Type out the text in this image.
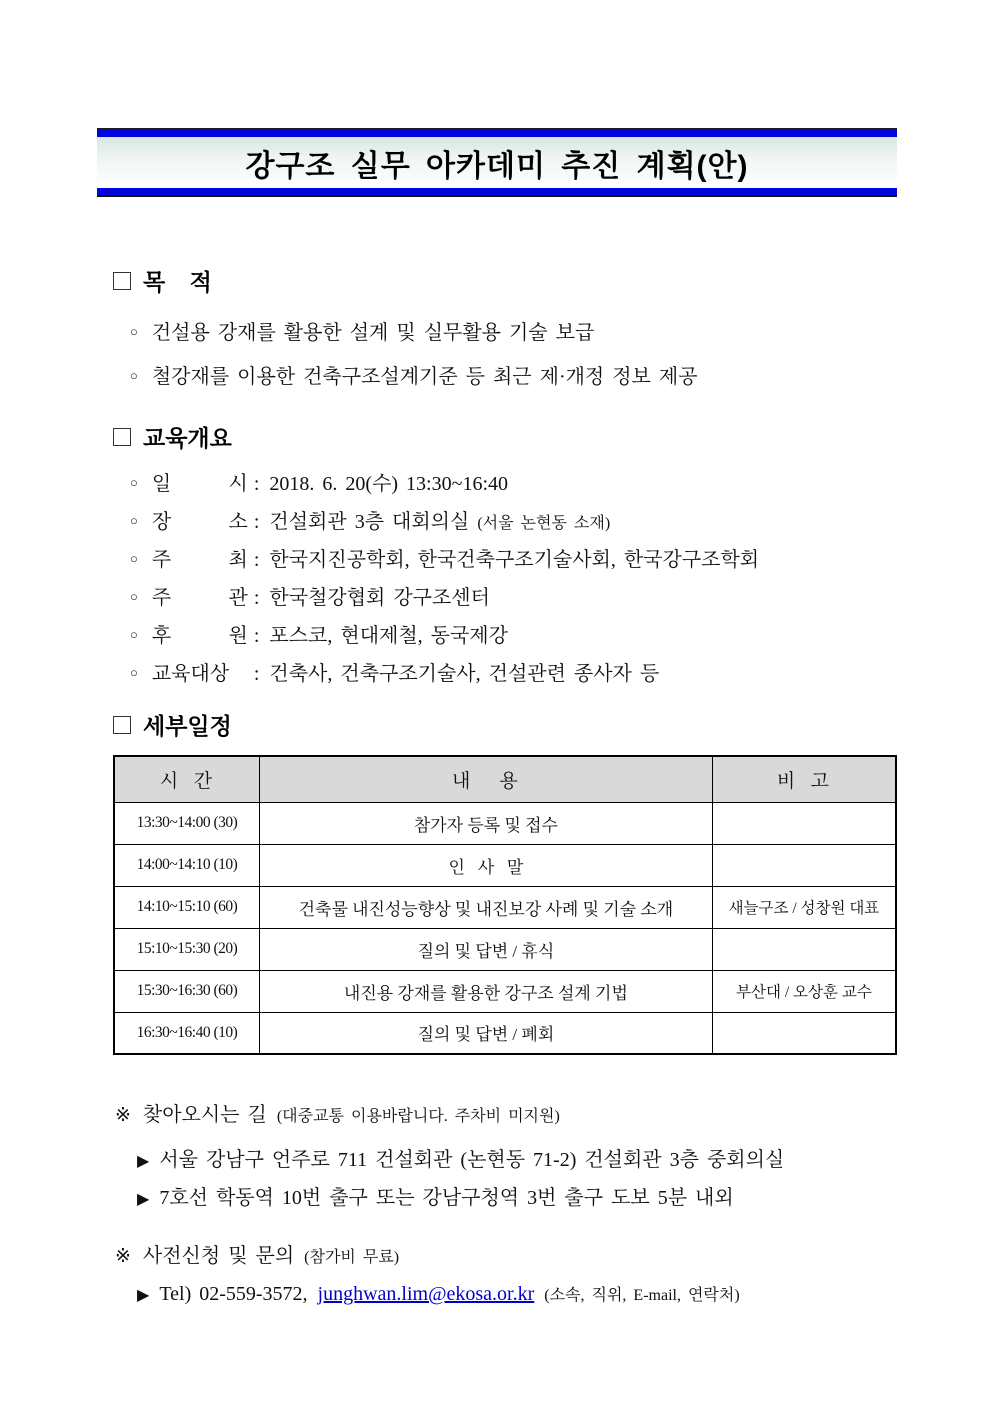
강구조 실무 아카데미 추진 계획(안)
목 적
○ 건설용 강재를 활용한 설계 및 실무활용 기술 보급
○ 철강재를 이용한 건축구조설계기준 등 최근 제·개정 정보 제공
교육개요
○ 일 시 : 2018. 6. 20(수) 13:30~16:40
○ 장 소 : 건설회관 3층 대회의실 (서울 논현동 소재)
○ 주 최 : 한국지진공학회, 한국건축구조기술사회, 한국강구조학회
○ 주 관 : 한국철강협회 강구조센터
○ 후 원 : 포스코, 현대제철, 동국제강
○ 교육대상	: 건축사, 건축구조기술사, 건설관련 종사자 등
세부일정
시  간	내    용	비  고
13:30~14:00 (30)	참가자 등록 및 접수	
14:00~14:10 (10)	인   사   말	
14:10~15:10 (60)	건축물 내진성능향상 및 내진보강 사례 및 기술 소개	새늘구조 / 성창원 대표
15:10~15:30 (20)	질의 및 답변 / 휴식	
15:30~16:30 (60)	내진용 강재를 활용한 강구조 설계 기법	부산대 / 오상훈 교수
16:30~16:40 (10)	질의 및 답변 / 폐회	
※ 찾아오시는 길 (대중교통 이용바랍니다. 주차비 미지원)
▶ 서울 강남구 언주로 711 건설회관 (논현동 71-2) 건설회관 3층 중회의실
▶ 7호선 학동역 10번 출구 또는 강남구청역 3번 출구 도보 5분 내외
※ 사전신청 및 문의 (참가비 무료)
▶ Tel) 02-559-3572, junghwan.lim@ekosa.or.kr (소속, 직위, E-mail, 연락처)
